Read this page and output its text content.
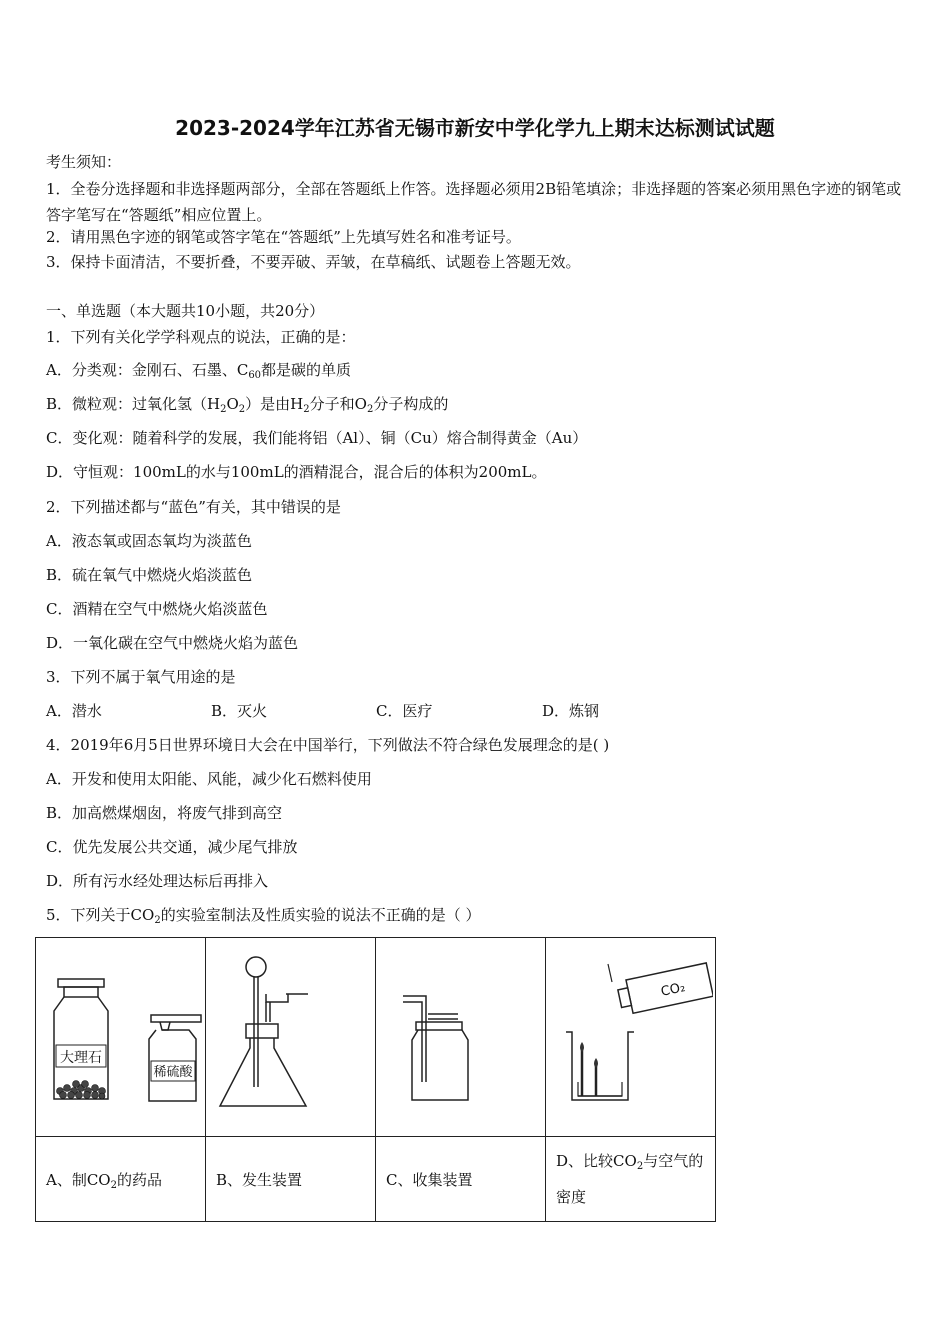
2023-2024学年江苏省无锡市新安中学化学九上期末达标测试试题
考生须知：
1．全卷分选择题和非选择题两部分，全部在答题纸上作答。选择题必须用2B铅笔填涂；非选择题的答案必须用黑色字迹的钢笔或答字笔写在“答题纸”相应位置上。
2．请用黑色字迹的钢笔或答字笔在“答题纸”上先填写姓名和准考证号。
3．保持卡面清洁，不要折叠，不要弄破、弄皱，在草稿纸、试题卷上答题无效。
一、单选题（本大题共10小题，共20分）
1．下列有关化学学科观点的说法，正确的是：
A．分类观：金刚石、石墨、$C_{60}$都是碳的单质
B．微粒观：过氧化氢$(H_2O_2)$是由$H_2$分子和$O_2$分子构成的
C．变化观：随着科学的发展，我们能将铝（Al）、铜（Cu）熔合制得黄金（Au）
D．守恒观：100mL的水与100mL的酒精混合，混合后的体积为200mL。
2．下列描述都与“蓝色”有关，其中错误的是
A．液态氧或固态氧均为淡蓝色
B．硫在氧气中燃烧火焰淡蓝色
C．酒精在空气中燃烧火焰淡蓝色
D．一氧化碳在空气中燃烧火焰为蓝色
3．下列不属于氧气用途的是
A．潜水	B．灭火	C．医疗	D．炼钢
4．2019年6月5日世界环境日大会在中国举行，下列做法不符合绿色发展理念的是( )
A．开发和使用太阳能、风能，减少化石燃料使用
B．加高燃煤烟囱，将废气排到高空
C．优先发展公共交通，减少尾气排放
D．所有污水经处理达标后再排入
5．下列关于$CO_2$的实验室制法及性质实验的说法不正确的是（ ）
大理石
稀硫酸			CO₂

A、制$CO_2$的药品	B、发生装置	C、收集装置	D、比较$CO_2$与空气的密度
